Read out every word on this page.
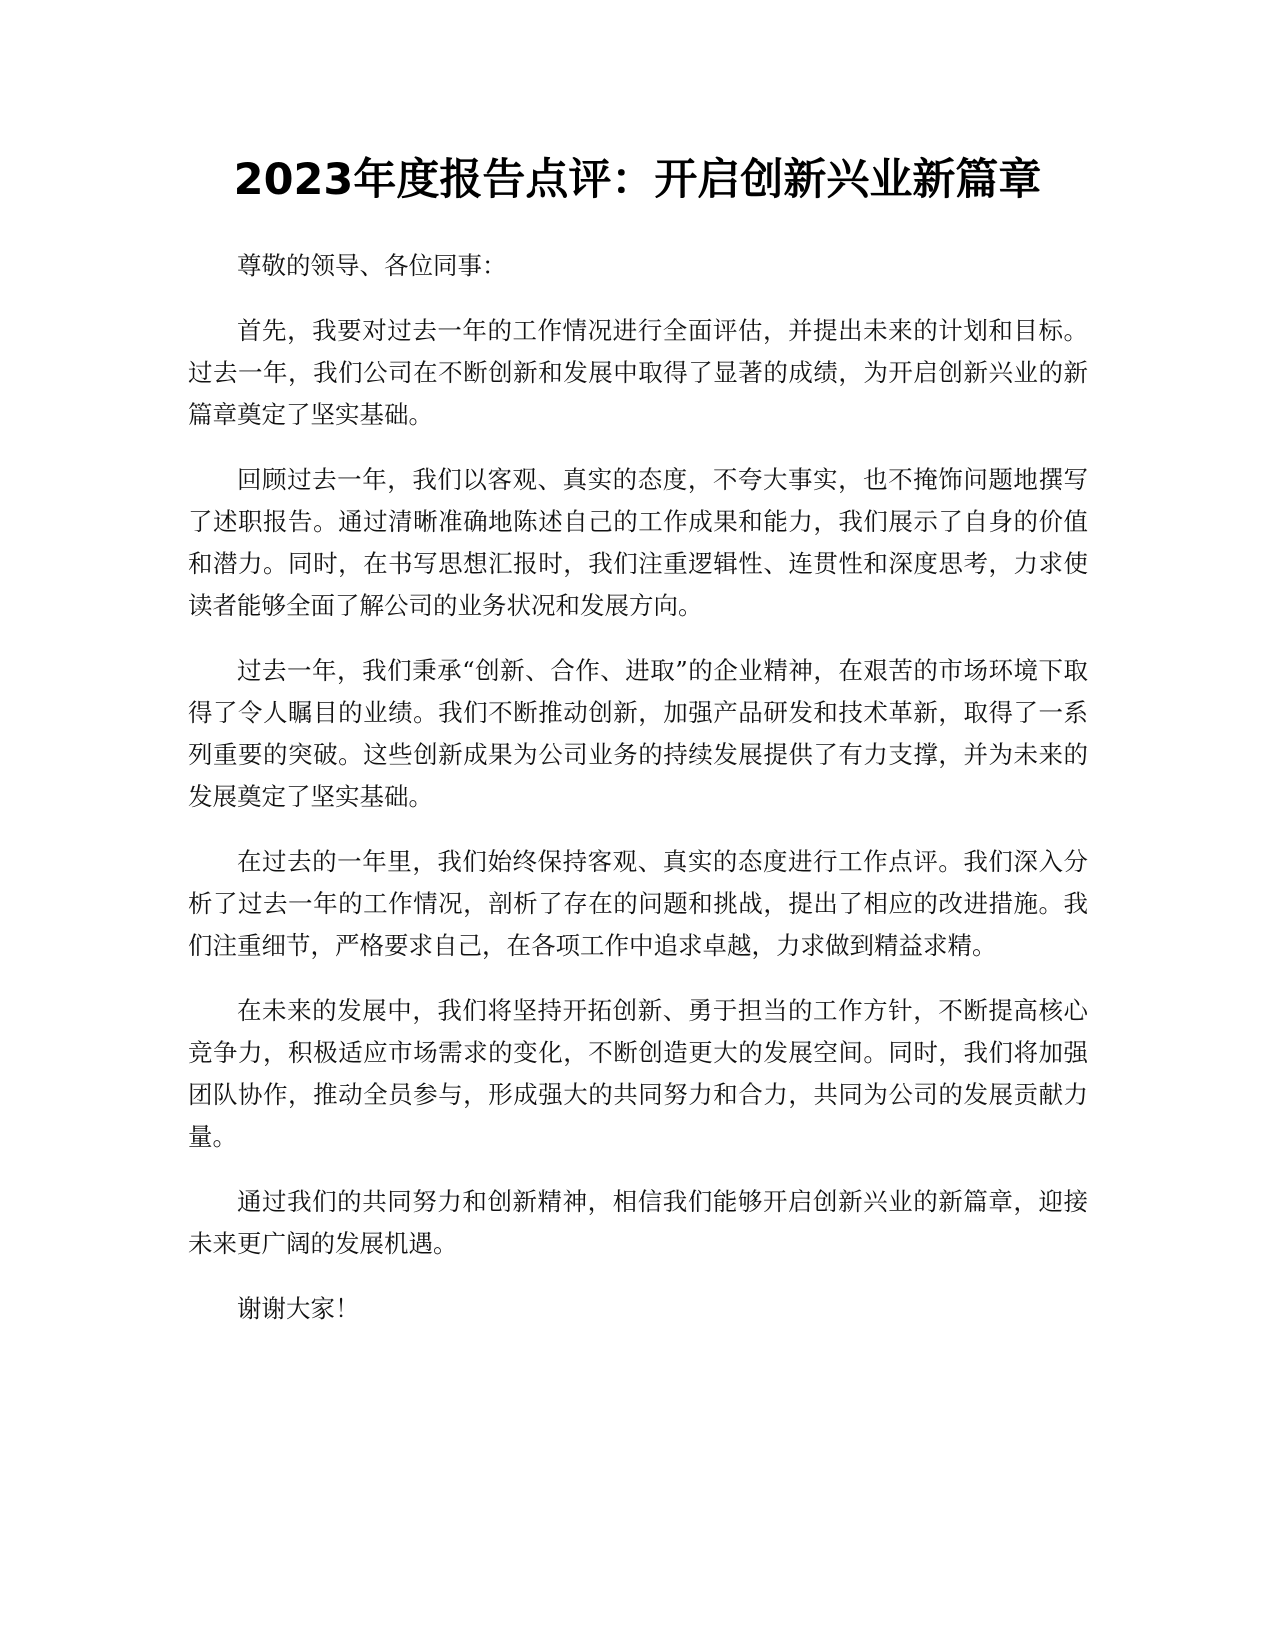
2023年度报告点评：开启创新兴业新篇章

尊敬的领导、各位同事：

首先，我要对过去一年的工作情况进行全面评估，并提出未来的计划和目标。过去一年，我们公司在不断创新和发展中取得了显著的成绩，为开启创新兴业的新篇章奠定了坚实基础。

回顾过去一年，我们以客观、真实的态度，不夸大事实，也不掩饰问题地撰写了述职报告。通过清晰准确地陈述自己的工作成果和能力，我们展示了自身的价值和潜力。同时，在书写思想汇报时，我们注重逻辑性、连贯性和深度思考，力求使读者能够全面了解公司的业务状况和发展方向。

过去一年，我们秉承“创新、合作、进取”的企业精神，在艰苦的市场环境下取得了令人瞩目的业绩。我们不断推动创新，加强产品研发和技术革新，取得了一系列重要的突破。这些创新成果为公司业务的持续发展提供了有力支撑，并为未来的发展奠定了坚实基础。

在过去的一年里，我们始终保持客观、真实的态度进行工作点评。我们深入分析了过去一年的工作情况，剖析了存在的问题和挑战，提出了相应的改进措施。我们注重细节，严格要求自己，在各项工作中追求卓越，力求做到精益求精。

在未来的发展中，我们将坚持开拓创新、勇于担当的工作方针，不断提高核心竞争力，积极适应市场需求的变化，不断创造更大的发展空间。同时，我们将加强团队协作，推动全员参与，形成强大的共同努力和合力，共同为公司的发展贡献力量。

通过我们的共同努力和创新精神，相信我们能够开启创新兴业的新篇章，迎接未来更广阔的发展机遇。

谢谢大家！
